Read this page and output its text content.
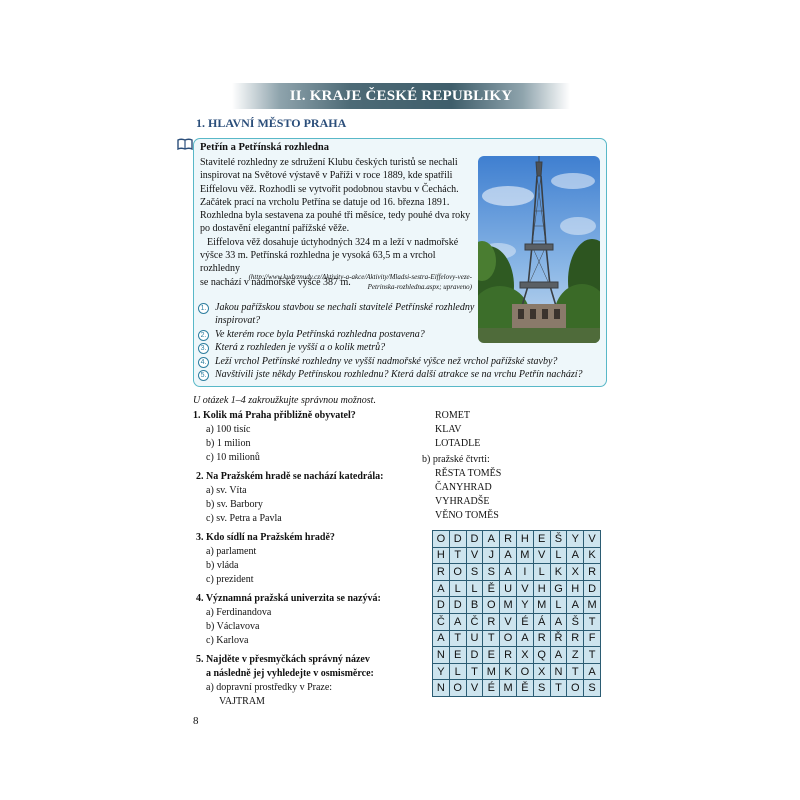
II. KRAJE ČESKÉ REPUBLIKY
1. HLAVNÍ MĚSTO PRAHA
Petřín a Petřínská rozhledna

Stavitelé rozhledny ze sdružení Klubu českých turistů se nechali

inspirovat na Světové výstavě v Paříži v roce 1889, kde spatřili

Eiffelovu věž. Rozhodli se vytvořit podobnou stavbu v Čechách.

Začátek prací na vrcholu Petřína se datuje od 16. března 1891.

Rozhledna byla sestavena za pouhé tři měsíce, tedy pouhé dva roky

po dostavění elegantní pařížské věže.

Eiffelova věž dosahuje úctyhodných 324 m a leží v nadmořské

výšce 33 m. Petřínská rozhledna je vysoká 63,5 m a vrchol rozhledny

se nachází v nadmořské výšce 387 m.

(http://www.kudyznudy.cz/Aktivity-a-akce/Aktivity/Mladsi-sestra-Eiffelovy-veze-
Petrinska-rozhledna.aspx; upraveno)
1. Jakou pařížskou stavbou se nechali stavitelé Petřínské rozhledny
inspirovat?
2. Ve kterém roce byla Petřínská rozhledna postavena?
3. Která z rozhleden je vyšší a o kolik metrů?
4. Leží vrchol Petřínské rozhledny ve vyšší nadmořské výšce než vrchol pařížské stavby?
5. Navštívili jste někdy Petřínskou rozhlednu? Která další atrakce se na vrchu Petřín nachází?
U otázek 1–4 zakroužkujte správnou možnost.
1. Kolik má Praha přibližně obyvatel?
a) 100 tisíc
b) 1 milion
c) 10 milionů
2. Na Pražském hradě se nachází katedrála:
a) sv. Víta
b) sv. Barbory
c) sv. Petra a Pavla
3. Kdo sídlí na Pražském hradě?
a) parlament
b) vláda
c) prezident
4. Významná pražská univerzita se nazývá:
a) Ferdinandova
b) Václavova
c) Karlova
5. Najděte v přesmyčkách správný název
a následně jej vyhledejte v osmisměrce:
a) dopravní prostředky v Praze:
VAJTRAM
ROMET
KLAV
LOTADLE
b) pražské čtvrti:
RĚSTA TOMĚS
ČANYHRAD
VYHRADŠE
VĚNO TOMĚS
O D D A R H E Š Y V
H T V J A M V L A K
R O S S A	I	L K X R
A L L Ě U V H G H D
D D B O M Y M L A M
Č A Č R V É Á A Š T
A T U T O A R Ř R F
N E D E R X Q A Z T
Y L T M K O X N T A
N O V É M Ě S T O S
8
